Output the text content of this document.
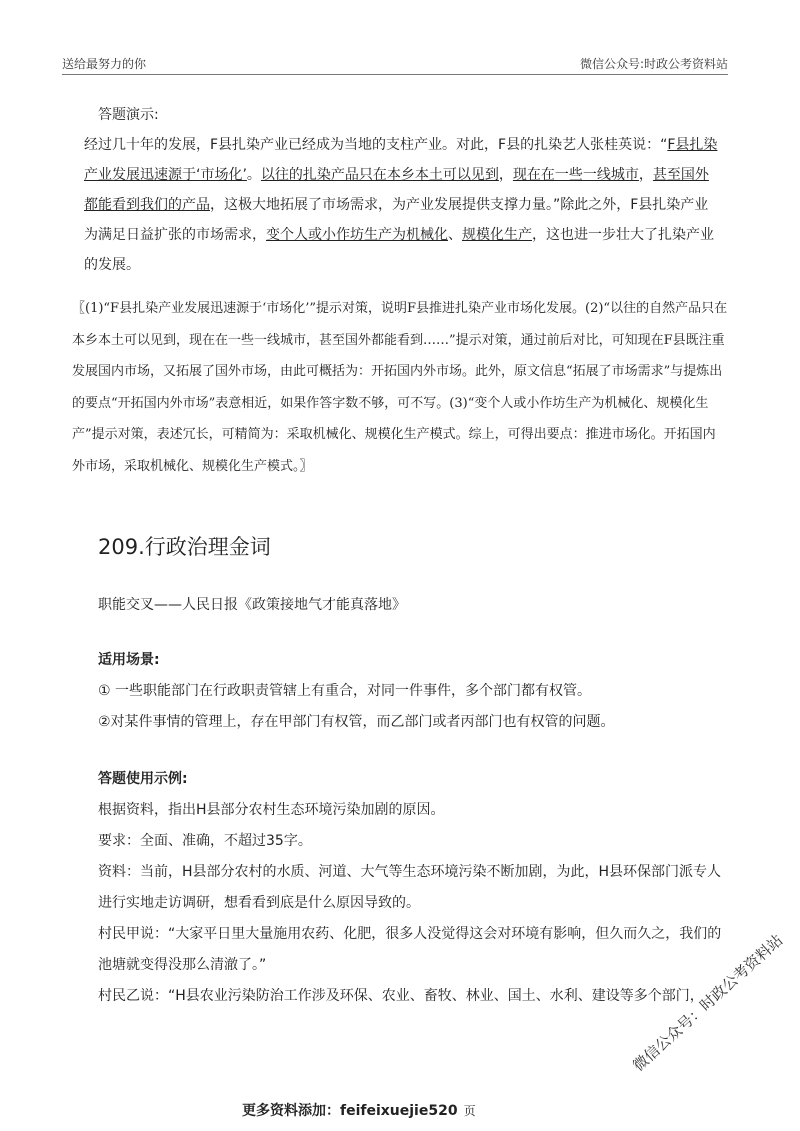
送给最努力的你	微信公众号:时政公考资料站

答题演示:

经过几十年的发展，F县扎染产业已经成为当地的支柱产业。对此，F县的扎染艺人张桂英说：“F县扎染产业发展迅速源于‘市场化’。以往的扎染产品只在本乡本土可以见到，现在在一些一线城市，甚至国外都能看到我们的产品，这极大地拓展了市场需求，为产业发展提供支撑力量。”除此之外，F县扎染产业为满足日益扩张的市场需求，变个人或小作坊生产为机械化、规模化生产，这也进一步壮大了扎染产业的发展。

〖(1)“F县扎染产业发展迅速源于‘市场化’”提示对策，说明F县推进扎染产业市场化发展。(2)“以往的自然产品只在本乡本土可以见到，现在在一些一线城市，甚至国外都能看到……”提示对策，通过前后对比，可知现在F县既注重发展国内市场，又拓展了国外市场，由此可概括为：开拓国内外市场。此外，原文信息“拓展了市场需求”与提炼出的要点“开拓国内外市场”表意相近，如果作答字数不够，可不写。(3)“变个人或小作坊生产为机械化、规模化生产”提示对策，表述冗长，可精简为：采取机械化、规模化生产模式。综上，可得出要点：推进市场化。开拓国内外市场，采取机械化、规模化生产模式。〗

209.行政治理金词

职能交叉——人民日报《政策接地气才能真落地》

适用场景:

① 一些职能部门在行政职责管辖上有重合，对同一件事件，多个部门都有权管。

②对某件事情的管理上，存在甲部门有权管，而乙部门或者丙部门也有权管的问题。

答题使用示例:

根据资料，指出H县部分农村生态环境污染加剧的原因。

要求：全面、准确，不超过35字。

资料：当前，H县部分农村的水质、河道、大气等生态环境污染不断加剧，为此，H县环保部门派专人进行实地走访调研，想看看到底是什么原因导致的。

村民甲说：“大家平日里大量施用农药、化肥，很多人没觉得这会对环境有影响，但久而久之，我们的池塘就变得没那么清澈了。”

村民乙说：“H县农业污染防治工作涉及环保、农业、畜牧、林业、国土、水利、建设等多个部门，

微信公众号：时政公考资料站
更多资料添加：feifeixuejie520 页
